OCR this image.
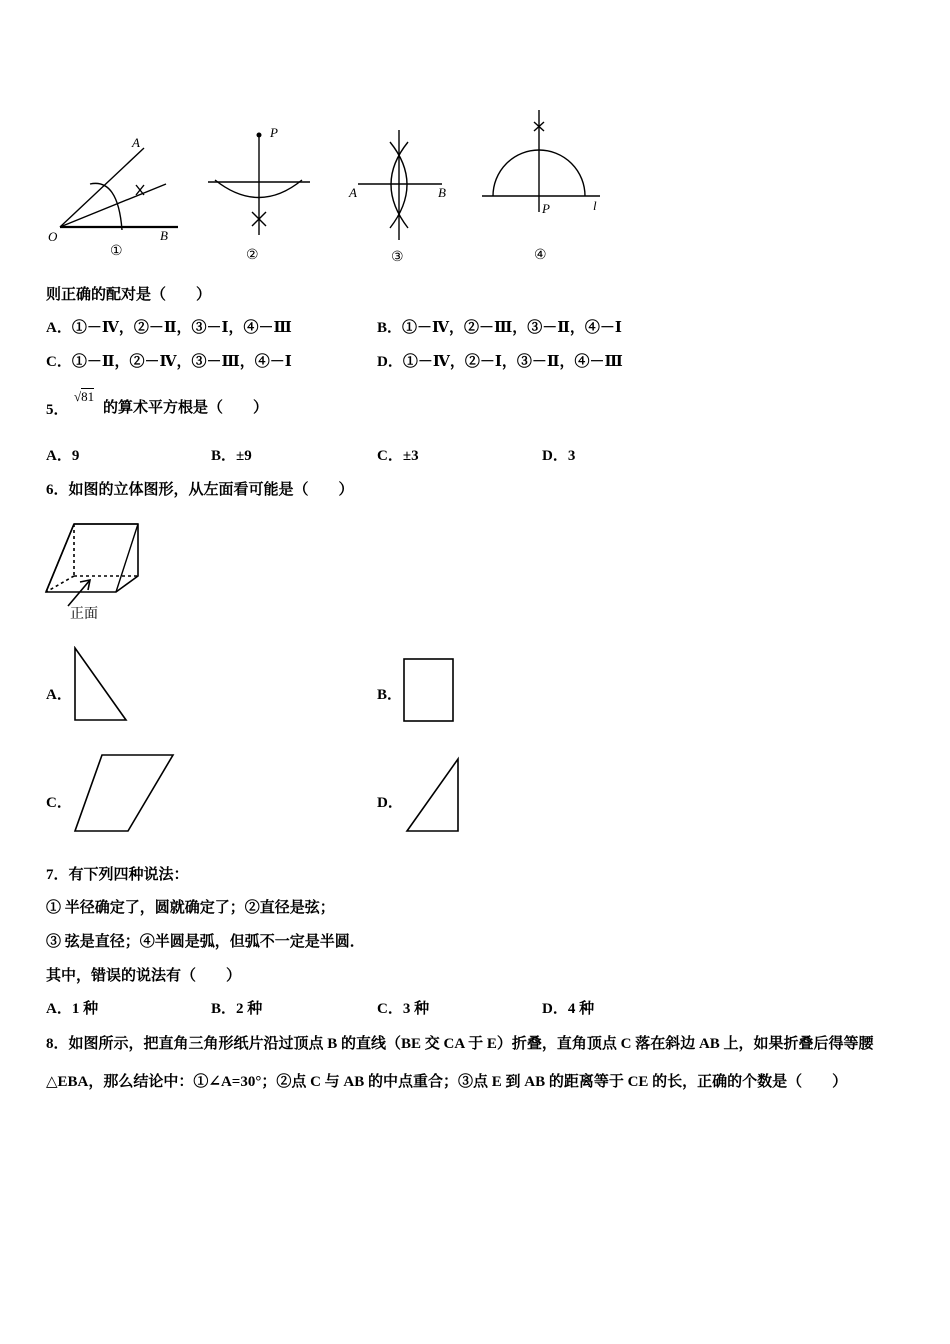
A
B
O
①
P
②
A	B
③
P	l
④
则正确的配对是（　　）
A．①－Ⅳ，②－Ⅱ，③－Ⅰ，④－Ⅲ	B．①－Ⅳ，②－Ⅲ，③－Ⅱ，④－Ⅰ
C．①－Ⅱ，②－Ⅳ，③－Ⅲ，④－Ⅰ	D．①－Ⅳ，②－Ⅰ，③－Ⅱ，④－Ⅲ
5．
√81
的算术平方根是（　　）
A．9	B．±9	C．±3	D．3
6．如图的立体图形，从左面看可能是（　　）
正面
A．	B．
C．	D．
7．有下列四种说法：
① 半径确定了，圆就确定了；②直径是弦；
③ 弦是直径；④半圆是弧，但弧不一定是半圆．
其中，错误的说法有（　　）
A．1 种	B．2 种	C．3 种	D．4 种
8．如图所示，把直角三角形纸片沿过顶点 B 的直线（BE 交 CA 于 E）折叠，直角顶点 C 落在斜边 AB 上，如果折叠后得等腰△EBA，那么结论中：①∠A=30°；②点 C 与 AB 的中点重合；③点 E 到 AB 的距离等于 CE 的长，正确的个数是（　　）
